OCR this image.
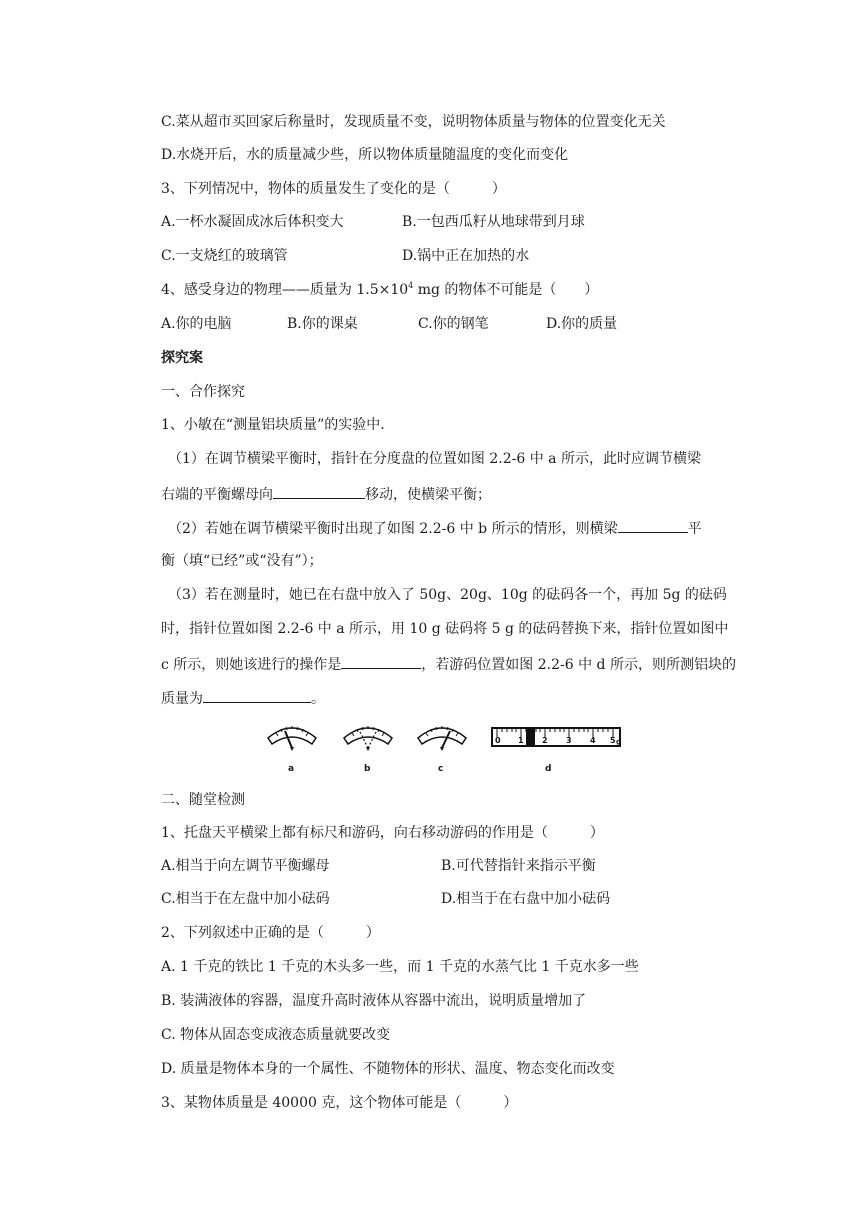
C.菜从超市买回家后称量时，发现质量不变，说明物体质量与物体的位置变化无关
D.水烧开后，水的质量减少些，所以物体质量随温度的变化而变化
3、下列情况中，物体的质量发生了变化的是（　　　）
A.一杯水凝固成冰后体积变大	B.一包西瓜籽从地球带到月球
C.一支烧红的玻璃管	D.锅中正在加热的水
4、感受身边的物理——质量为 $1.5\times 10^4$ mg 的物体不可能是（　　）
A.你的电脑	B.你的课桌	C.你的钢笔	D.你的质量
探究案
一、合作探究
1、小敏在“测量铝块质量”的实验中.
（1）在调节横梁平衡时，指针在分度盘的位置如图 2.2-6 中 a 所示，此时应调节横梁
右端的平衡螺母向	移动，使横梁平衡；
（2）若她在调节横梁平衡时出现了如图 2.2-6 中 b 所示的情形，则横梁	平
衡（填“已经”或“没有”）；
（3）若在测量时，她已在右盘中放入了 50g、20g、10g 的砝码各一个，再加 5g 的砝码
时，指针位置如图 2.2-6 中 a 所示，用 10 g 砝码将 5 g 的砝码替换下来，指针位置如图中
c 所示，则她该进行的操作是	，若游码位置如图 2.2-6 中 d 所示，则所测铝块的
质量为	。
0 1 2 3 4 5 g
a	b	c	d
二、随堂检测
1、托盘天平横梁上都有标尺和游码，向右移动游码的作用是（　　　）
A.相当于向左调节平衡螺母	B.可代替指针来指示平衡
C.相当于在左盘中加小砝码	D.相当于在右盘中加小砝码
2、下列叙述中正确的是（　　　）
A. 1 千克的铁比 1 千克的木头多一些，而 1 千克的水蒸气比 1 千克水多一些
B. 装满液体的容器，温度升高时液体从容器中流出，说明质量增加了
C. 物体从固态变成液态质量就要改变
D. 质量是物体本身的一个属性、不随物体的形状、温度、物态变化而改变
3、某物体质量是 40000 克，这个物体可能是（　　　）
